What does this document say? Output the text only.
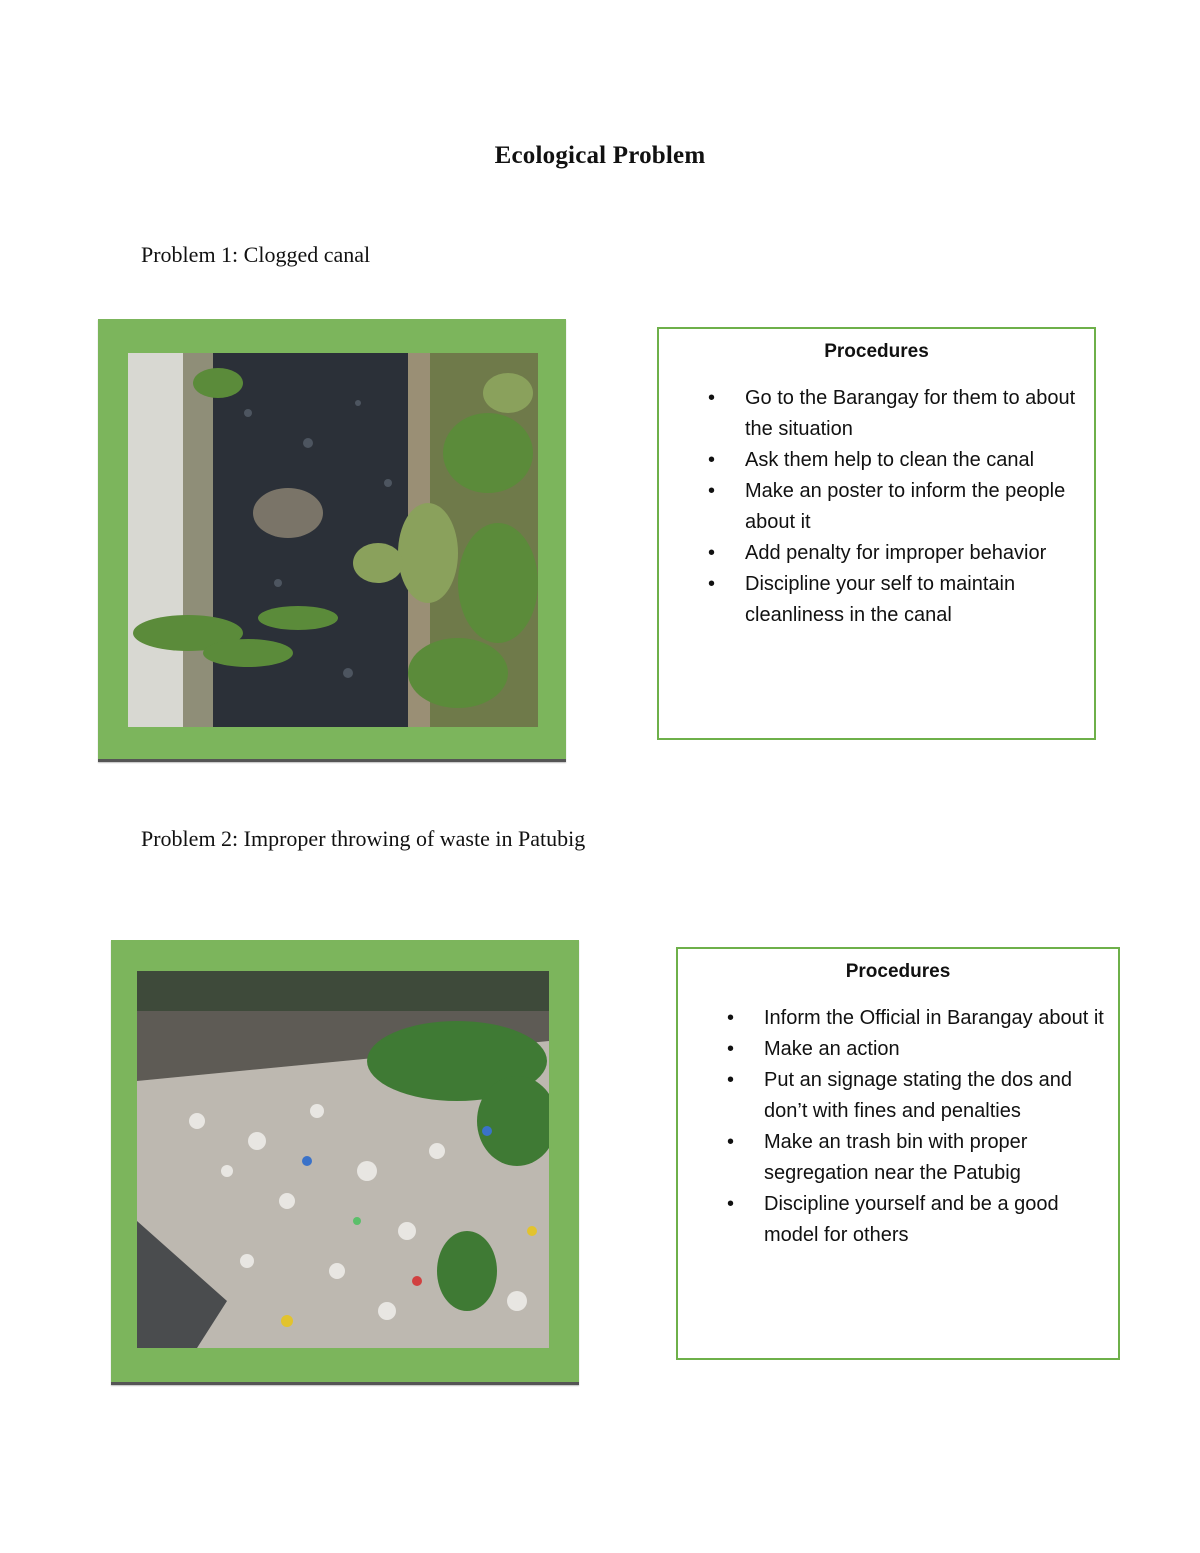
Ecological Problem
Problem 1: Clogged canal
Procedures
• Go to the Barangay for them to about the situation
• Ask them help to clean the canal
• Make an poster to inform the people about it
• Add penalty for improper behavior
• Discipline your self to maintain cleanliness in the canal
Problem 2: Improper throwing of waste in Patubig
Procedures
• Inform the Official in Barangay about it
• Make an action
• Put an signage stating the dos and don’t with fines and penalties
• Make an trash bin with proper segregation near the Patubig
• Discipline yourself and be a good model for others
